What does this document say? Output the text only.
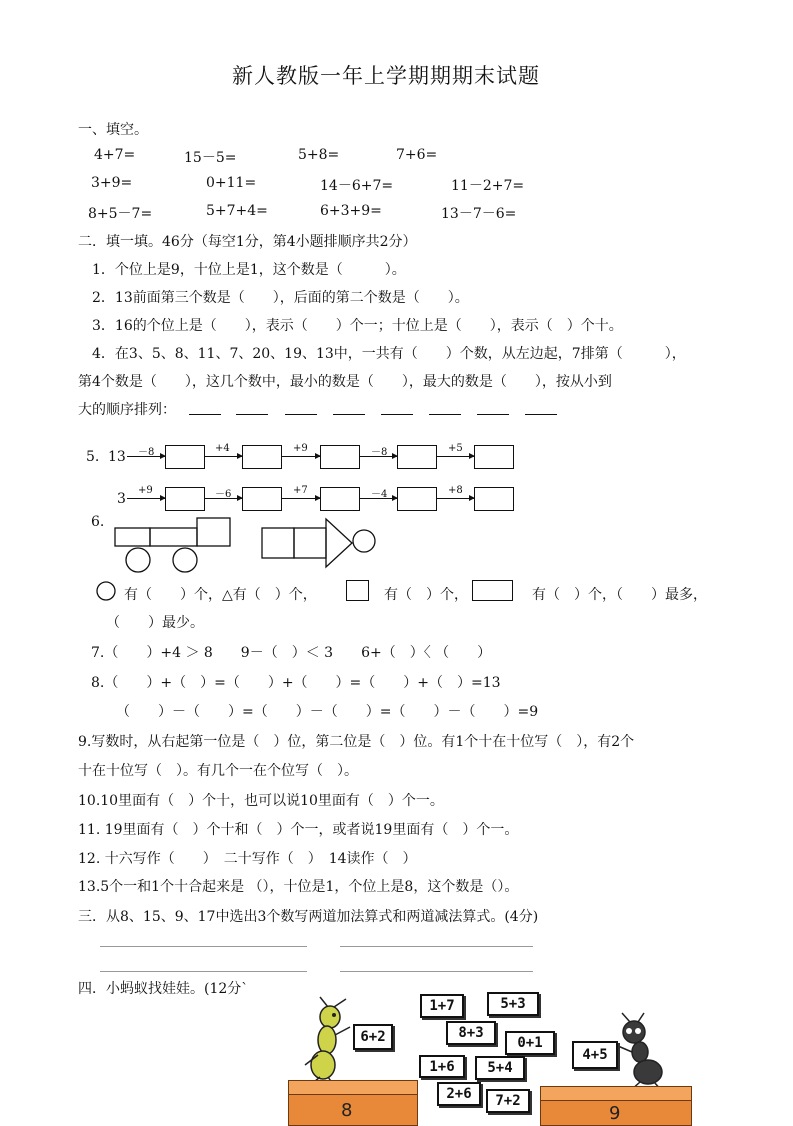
新人教版一年上学期期期末试题
一、填空。
4+7=	15－5=	5+8=	7+6=
3+9=	0+11=	14－6+7=	11－2+7=
8+5－7=	5+7+4=	6+3+9=	13－7－6=
二．填一填。46分（每空1分，第4小题排顺序共2分）
1．个位上是9，十位上是1，这个数是（　　　）。
2．13前面第三个数是（　　），后面的第二个数是（　　）。
3．16的个位上是（　　），表示（　　）个一；十位上是（　　），表示（　）个十。
4．在3、5、8、11、7、20、19、13中，一共有（　　）个数，从左边起，7排第（　　　），
第4个数是（　　），这几个数中，最小的数是（　　），最大的数是（　　），按从小到
大的顺序排列：
5. 13 －8	+4	+9	－8	+5
3
+9	－6	+7	－4	+8
6.
有（　　）个，△有（　）个，	有（　）个，	有（　）个，（　　）最多，
（　　）最少。
7.（　　）+4 ＞ 8　　9－（　）＜ 3　　6+（　）〈 （　　）
8.（　　）+（　）=（　　）+（　　）=（　　）+（　）=13
（　　）－（　　）=（　　）－（　　）=（　　）－（　　）=9
9.写数时，从右起第一位是（　）位，第二位是（　）位。有1个十在十位写（　），有2个
十在十位写（　）。有几个一在个位写（　）。
10.10里面有（　）个十，也可以说10里面有（　）个一。
11. 19里面有（　）个十和（　）个一，或者说19里面有（　）个一。
12. 十六写作（　　）　二十写作（　）　14读作（　）
13.5个一和1个十合起来是 （），十位是1，个位上是8，这个数是（）。
三．从8、15、9、17中选出3个数写两道加法算式和两道减法算式。(4分)
四．小蚂蚁找娃娃。(12分`
6+2
1+7	5+3
8+3
0+1
4+5
1+6	5+4
2+6	7+2
8	9
